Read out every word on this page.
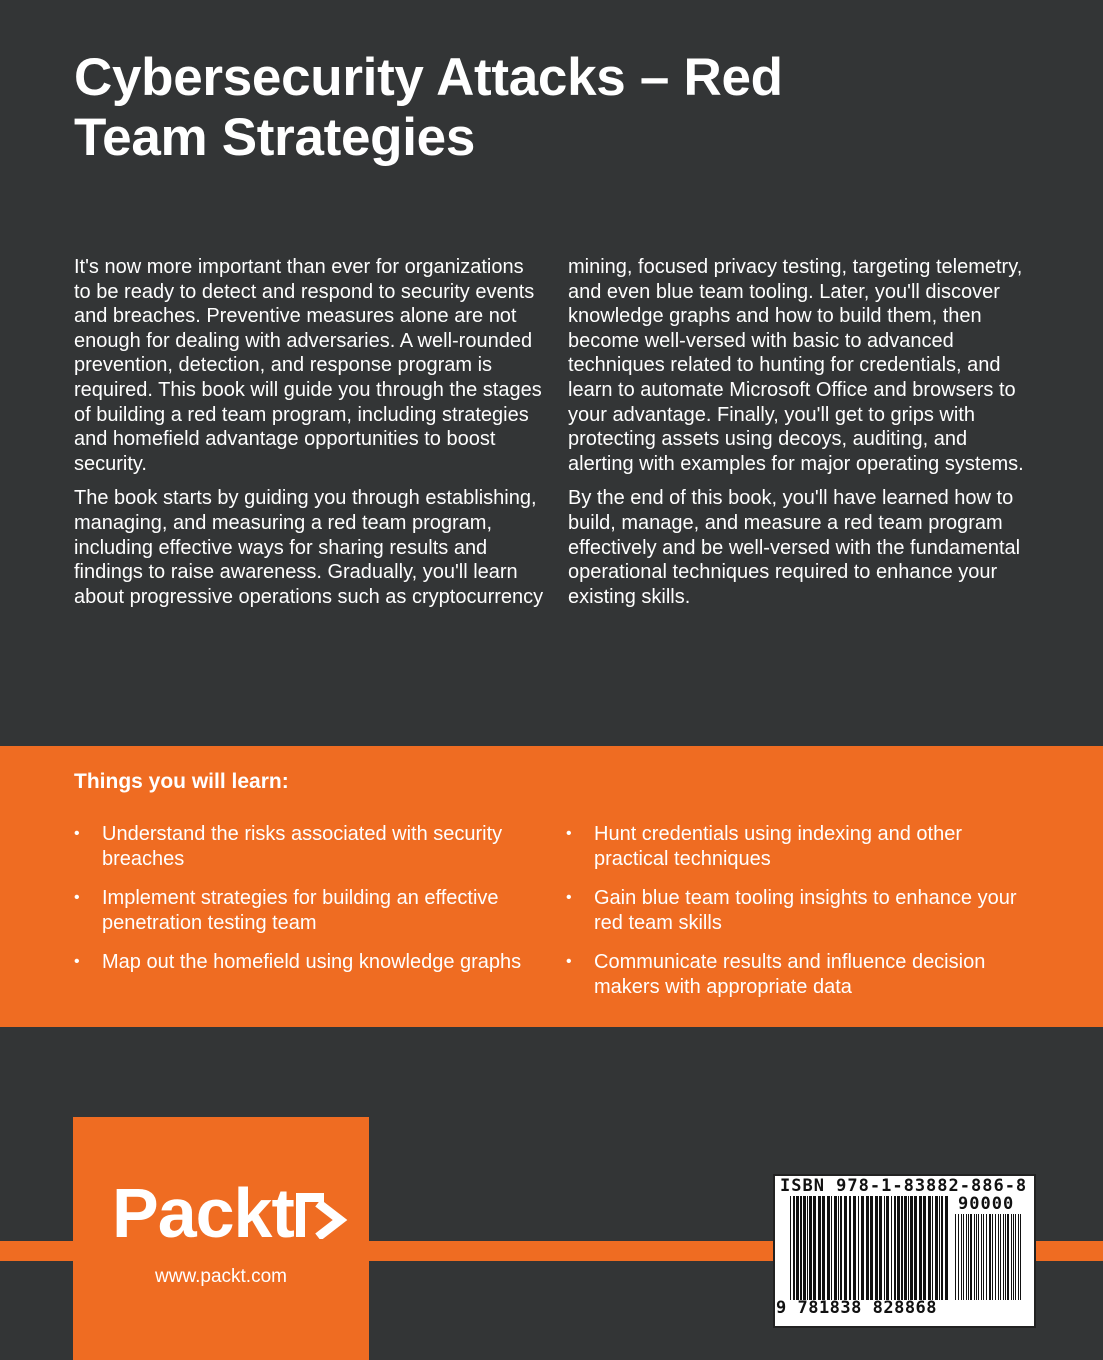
Cybersecurity Attacks – Red Team Strategies

It's now more important than ever for organizations to be ready to detect and respond to security events and breaches. Preventive measures alone are not enough for dealing with adversaries. A well-rounded prevention, detection, and response program is required. This book will guide you through the stages of building a red team program, including strategies and homefield advantage opportunities to boost security.

The book starts by guiding you through establishing, managing, and measuring a red team program, including effective ways for sharing results and findings to raise awareness. Gradually, you'll learn about progressive operations such as cryptocurrency

mining, focused privacy testing, targeting telemetry, and even blue team tooling. Later, you'll discover knowledge graphs and how to build them, then become well-versed with basic to advanced techniques related to hunting for credentials, and learn to automate Microsoft Office and browsers to your advantage. Finally, you'll get to grips with protecting assets using decoys, auditing, and alerting with examples for major operating systems.

By the end of this book, you'll have learned how to build, manage, and measure a red team program effectively and be well-versed with the fundamental operational techniques required to enhance your existing skills.

Things you will learn:
• Understand the risks associated with security breaches
• Implement strategies for building an effective penetration testing team
• Map out the homefield using knowledge graphs
• Hunt credentials using indexing and other practical techniques
• Gain blue team tooling insights to enhance your red team skills
• Communicate results and influence decision makers with appropriate data
Packt
www.packt.com
ISBN 978-1-83882-886-8
90000
9 781838 828868
